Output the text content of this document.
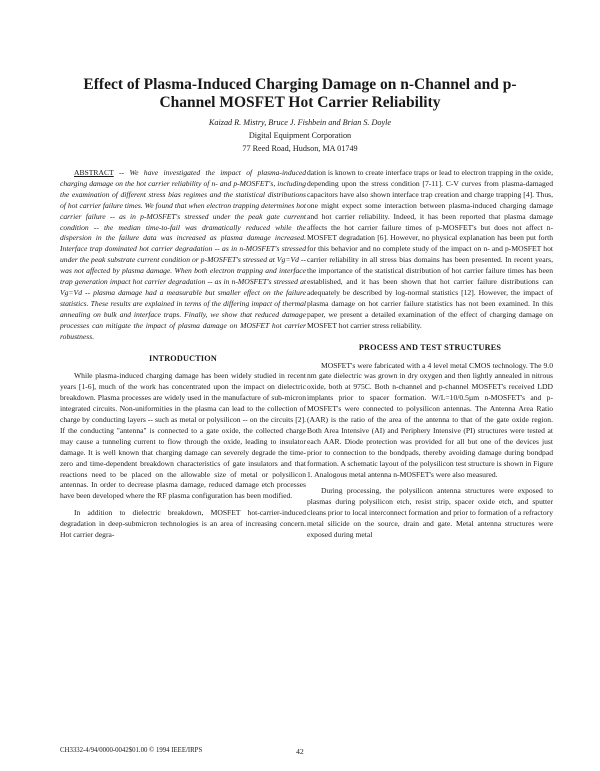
Effect of Plasma-Induced Charging Damage on n-Channel and p-Channel MOSFET Hot Carrier Reliability
Kaizad R. Mistry, Bruce J. Fishbein and Brian S. Doyle
Digital Equipment Corporation
77 Reed Road, Hudson, MA 01749

ABSTRACT -- We have investigated the impact of plasma-induced charging damage on the hot carrier reliability of n- and p-MOSFET's, including the examination of different stress bias regimes and the statistical distributions of hot carrier failure times. We found that when electron trapping determines hot carrier failure -- as in p-MOSFET's stressed under the peak gate current condition -- the median time-to-fail was dramatically reduced while the dispersion in the failure data was increased as plasma damage increased. Interface trap dominated hot carrier degradation -- as in n-MOSFET's stressed under the peak substrate current condition or p-MOSFET's stressed at Vg=Vd -- was not affected by plasma damage. When both electron trapping and interface trap generation impact hot carrier degradation -- as in n-MOSFET's stressed at Vg=Vd -- plasma damage had a measurable but smaller effect on the failure statistics. These results are explained in terms of the differing impact of thermal annealing on bulk and interface traps. Finally, we show that reduced damage processes can mitigate the impact of plasma damage on MOSFET hot carrier robustness.

INTRODUCTION

While plasma-induced charging damage has been widely studied in recent years [1-6], much of the work has concentrated upon the impact on dielectric breakdown. Plasma processes are widely used in the manufacture of sub-micron integrated circuits. Non-uniformities in the plasma can lead to the collection of charge by conducting layers -- such as metal or polysilicon -- on the circuits [2]. If the conducting "antenna" is connected to a gate oxide, the collected charge may cause a tunneling current to flow through the oxide, leading to insulator damage. It is well known that charging damage can severely degrade the time-zero and time-dependent breakdown characteristics of gate insulators and that reactions need to be placed on the allowable size of metal or polysilicon antennas. In order to decrease plasma damage, reduced damage etch processes have been developed where the RF plasma configuration has been modified.

In addition to dielectric breakdown, MOSFET hot-carrier-induced degradation in deep-submicron technologies is an area of increasing concern. Hot carrier degra-

dation is known to create interface traps or lead to electron trapping in the oxide, depending upon the stress condition [7-11]. C-V curves from plasma-damaged capacitors have also shown interface trap creation and charge trapping [4]. Thus, one might expect some interaction between plasma-induced charging damage and hot carrier reliability. Indeed, it has been reported that plasma damage affects the hot carrier failure times of p-MOSFET's but does not affect n-MOSFET degradation [6]. However, no physical explanation has been put forth for this behavior and no complete study of the impact on n- and p-MOSFET hot carrier reliability in all stress bias domains has been presented. In recent years, the importance of the statistical distribution of hot carrier failure times has been established, and it has been shown that hot carrier failure distributions can adequately be described by log-normal statistics [12]. However, the impact of plasma damage on hot carrier failure statistics has not been examined. In this paper, we present a detailed examination of the effect of charging damage on MOSFET hot carrier stress reliability.

PROCESS AND TEST STRUCTURES

MOSFET's were fabricated with a 4 level metal CMOS technology. The 9.0 nm gate dielectric was grown in dry oxygen and then lightly annealed in nitrous oxide, both at 975C. Both n-channel and p-channel MOSFET's received LDD implants prior to spacer formation. W/L=10/0.5µm n-MOSFET's and p-MOSFET's were connected to polysilicon antennas. The Antenna Area Ratio (AAR) is the ratio of the area of the antenna to that of the gate oxide region. Both Area Intensive (AI) and Periphery Intensive (PI) structures were tested at each AAR. Diode protection was provided for all but one of the devices just prior to connection to the bondpads, thereby avoiding damage during bondpad formation. A schematic layout of the polysilicon test structure is shown in Figure 1. Analogous metal antenna n-MOSFET's were also measured.

During processing, the polysilicon antenna structures were exposed to plasmas during polysilicon etch, resist strip, spacer oxide etch, and sputter cleans prior to local interconnect formation and prior to formation of a refractory metal silicide on the source, drain and gate. Metal antenna structures were exposed during metal

CH3332-4/94/0000-0042$01.00 © 1994 IEEE/IRPS	42
